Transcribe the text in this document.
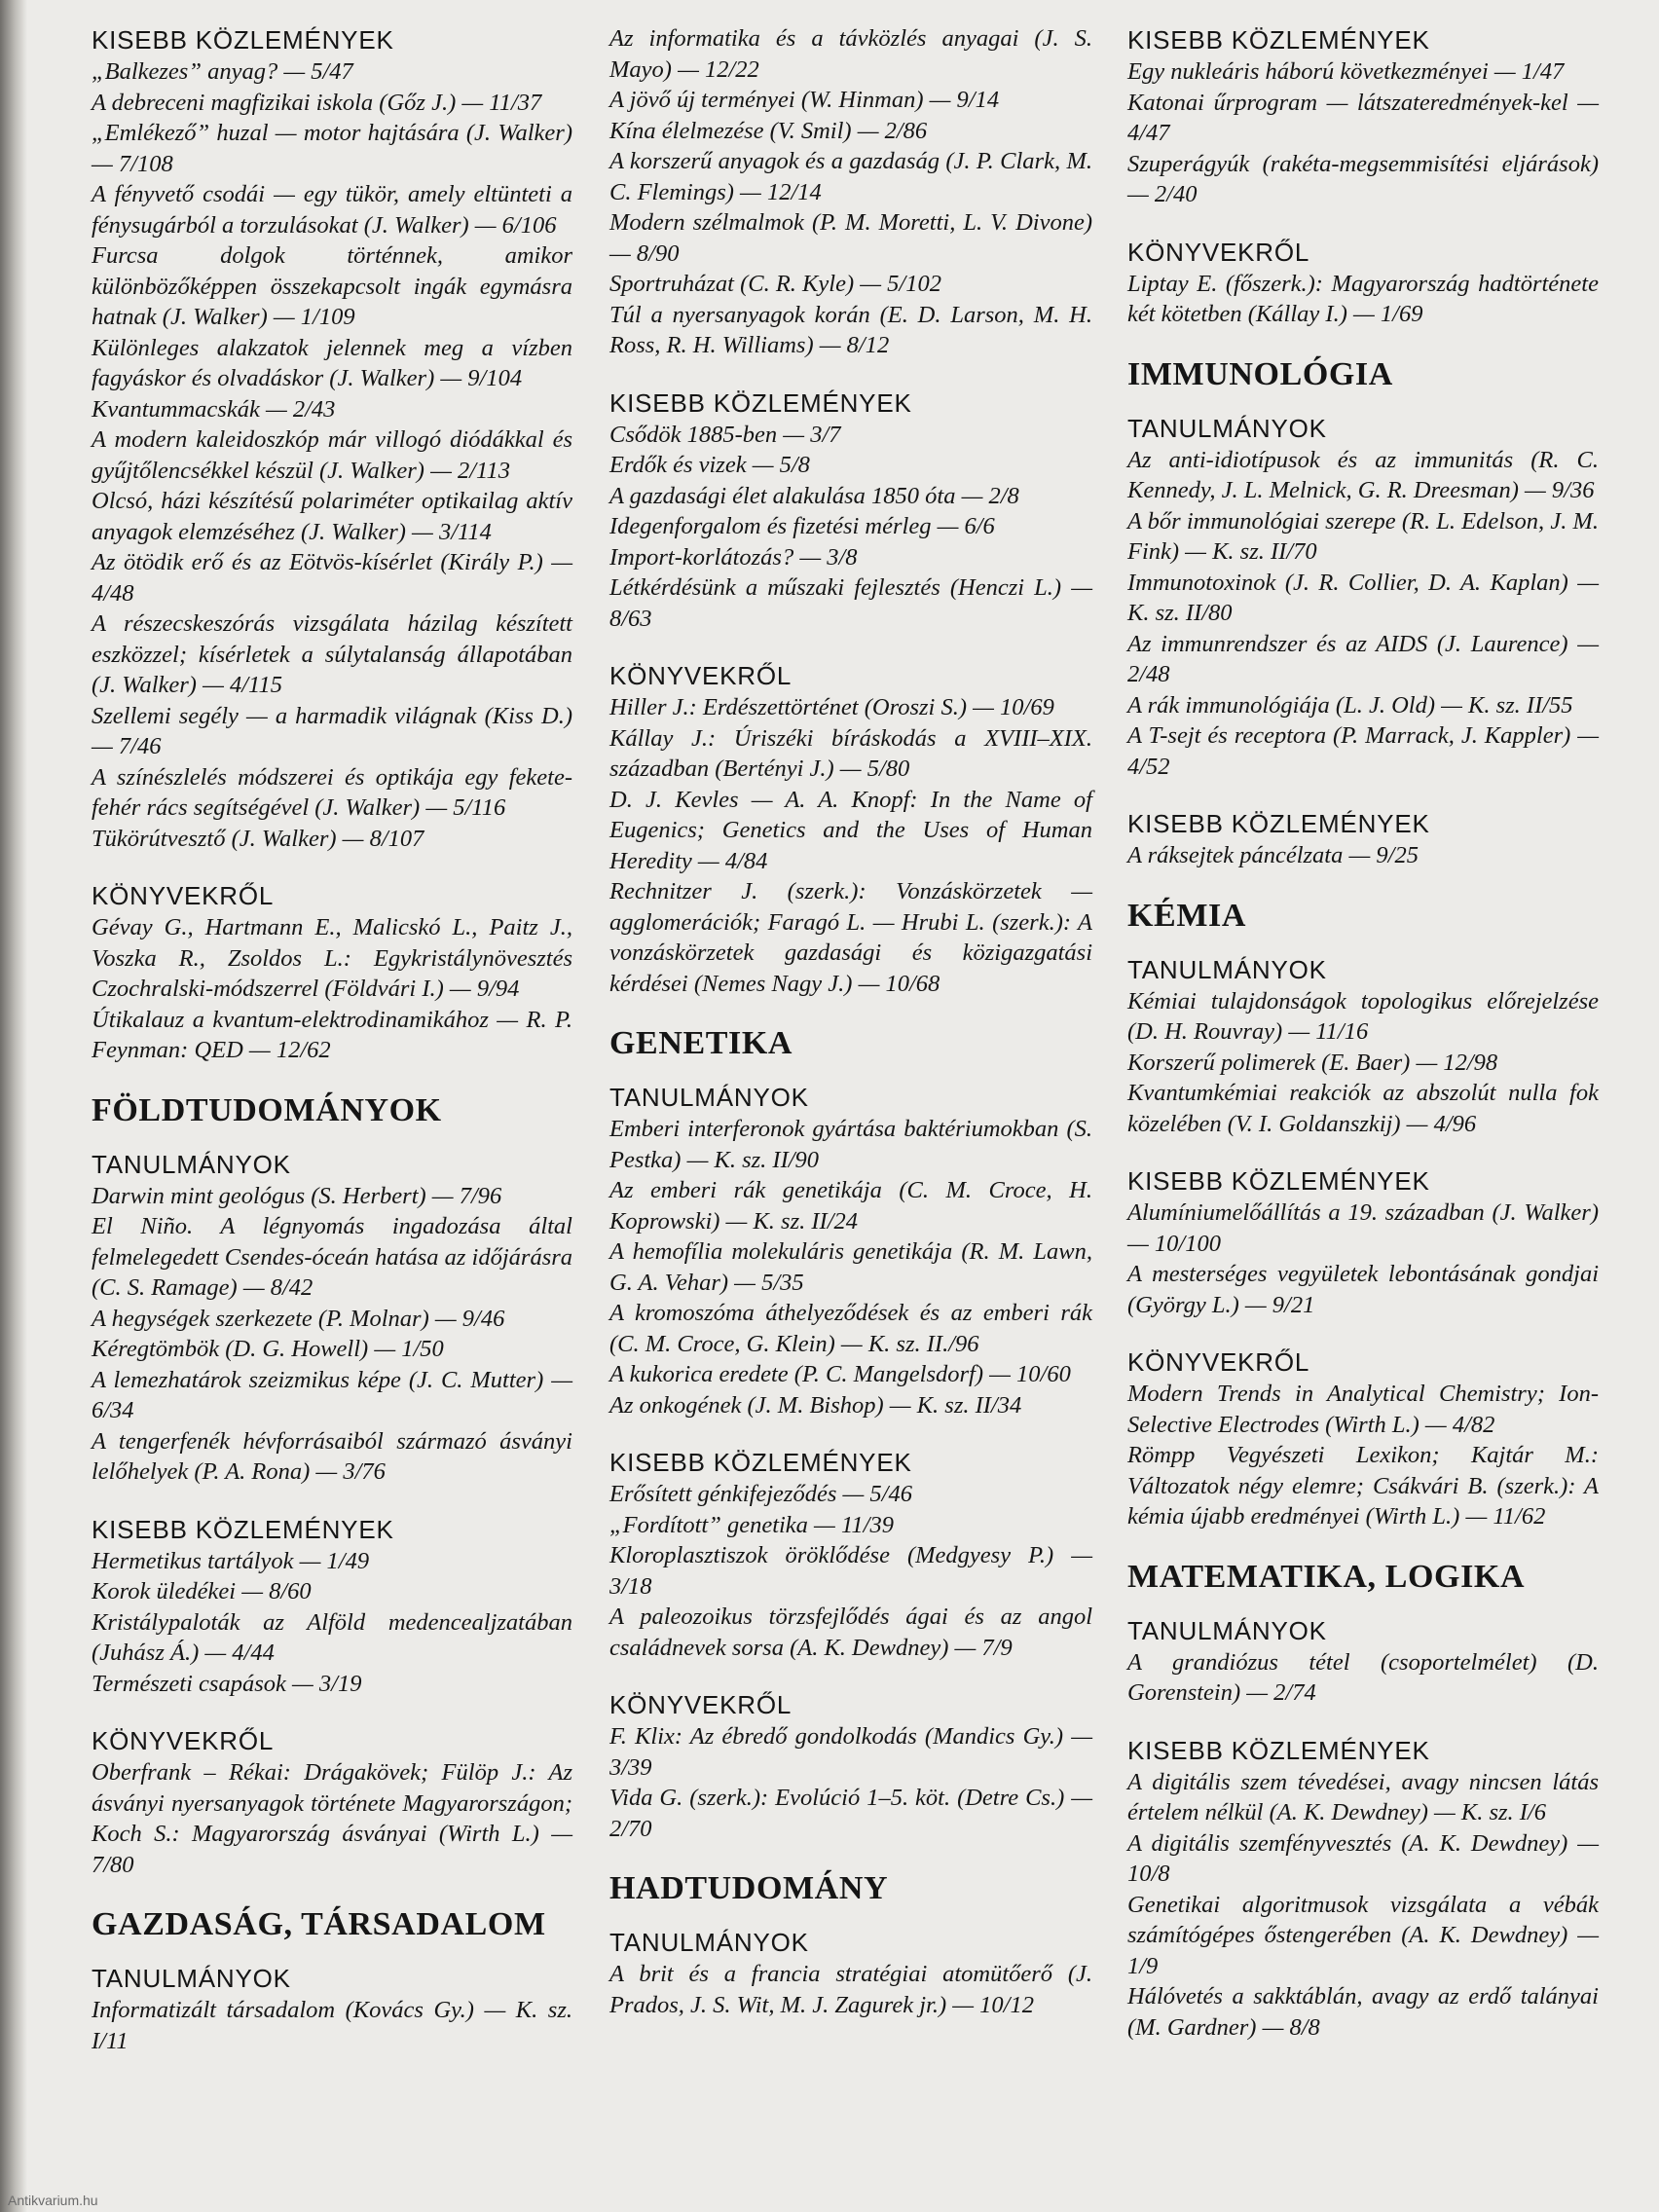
KISEBB KÖZLEMÉNYEK
„Balkezes” anyag? — 5/47
A debreceni magfizikai iskola (Gőz J.) — 11/37
„Emlékező” huzal — motor hajtására (J. Walker) — 7/108
A fényvető csodái — egy tükör, amely eltünteti a fénysugárból a torzulásokat (J. Walker) — 6/106
Furcsa dolgok történnek, amikor különbözőképpen összekapcsolt ingák egymásra hatnak (J. Walker) — 1/109
Különleges alakzatok jelennek meg a vízben fagyáskor és olvadáskor (J. Walker) — 9/104
Kvantummacskák — 2/43
A modern kaleidoszkóp már villogó diódákkal és gyűjtőlencsékkel készül (J. Walker) — 2/113
Olcsó, házi készítésű polariméter optikailag aktív anyagok elemzéséhez (J. Walker) — 3/114
Az ötödik erő és az Eötvös-kísérlet (Király P.) — 4/48
A részecskeszórás vizsgálata házilag készített eszközzel; kísérletek a súlytalanság állapotában (J. Walker) — 4/115
Szellemi segély — a harmadik világnak (Kiss D.) — 7/46
A színészlelés módszerei és optikája egy fekete-fehér rács segítségével (J. Walker) — 5/116
Tükörútvesztő (J. Walker) — 8/107
KÖNYVEKRŐL
Gévay G., Hartmann E., Malicskó L., Paitz J., Voszka R., Zsoldos L.: Egykristálynövesztés Czochralski-módszerrel (Földvári I.) — 9/94
Útikalauz a kvantum-elektrodinamikához — R. P. Feynman: QED — 12/62
FÖLDTUDOMÁNYOK
TANULMÁNYOK
Darwin mint geológus (S. Herbert) — 7/96
El Niño. A légnyomás ingadozása által felmelegedett Csendes-óceán hatása az időjárásra (C. S. Ramage) — 8/42
A hegységek szerkezete (P. Molnar) — 9/46
Kéregtömbök (D. G. Howell) — 1/50
A lemezhatárok szeizmikus képe (J. C. Mutter) — 6/34
A tengerfenék hévforrásaiból származó ásványi lelőhelyek (P. A. Rona) — 3/76
KISEBB KÖZLEMÉNYEK
Hermetikus tartályok — 1/49
Korok üledékei — 8/60
Kristálypaloták az Alföld medencealjzatában (Juhász Á.) — 4/44
Természeti csapások — 3/19
KÖNYVEKRŐL
Oberfrank – Rékai: Drágakövek; Fülöp J.: Az ásványi nyersanyagok története Magyarországon; Koch S.: Magyarország ásványai (Wirth L.) — 7/80
GAZDASÁG, TÁRSADALOM
TANULMÁNYOK
Informatizált társadalom (Kovács Gy.) — K. sz. I/11
Az informatika és a távközlés anyagai (J. S. Mayo) — 12/22
A jövő új terményei (W. Hinman) — 9/14
Kína élelmezése (V. Smil) — 2/86
A korszerű anyagok és a gazdaság (J. P. Clark, M. C. Flemings) — 12/14
Modern szélmalmok (P. M. Moretti, L. V. Divone) — 8/90
Sportruházat (C. R. Kyle) — 5/102
Túl a nyersanyagok korán (E. D. Larson, M. H. Ross, R. H. Williams) — 8/12
KISEBB KÖZLEMÉNYEK
Csődök 1885-ben — 3/7
Erdők és vizek — 5/8
A gazdasági élet alakulása 1850 óta — 2/8
Idegenforgalom és fizetési mérleg — 6/6
Import-korlátozás? — 3/8
Létkérdésünk a műszaki fejlesztés (Henczi L.) — 8/63
KÖNYVEKRŐL
Hiller J.: Erdészettörténet (Oroszi S.) — 10/69
Kállay J.: Úriszéki bíráskodás a XVIII–XIX. században (Bertényi J.) — 5/80
D. J. Kevles — A. A. Knopf: In the Name of Eugenics; Genetics and the Uses of Human Heredity — 4/84
Rechnitzer J. (szerk.): Vonzáskörzetek — agglomerációk; Faragó L. — Hrubi L. (szerk.): A vonzáskörzetek gazdasági és közigazgatási kérdései (Nemes Nagy J.) — 10/68
GENETIKA
TANULMÁNYOK
Emberi interferonok gyártása baktériumokban (S. Pestka) — K. sz. II/90
Az emberi rák genetikája (C. M. Croce, H. Koprowski) — K. sz. II/24
A hemofília molekuláris genetikája (R. M. Lawn, G. A. Vehar) — 5/35
A kromoszóma áthelyeződések és az emberi rák (C. M. Croce, G. Klein) — K. sz. II./96
A kukorica eredete (P. C. Mangelsdorf) — 10/60
Az onkogének (J. M. Bishop) — K. sz. II/34
KISEBB KÖZLEMÉNYEK
Erősített génkifejeződés — 5/46
„Fordított” genetika — 11/39
Kloroplasztiszok öröklődése (Medgyesy P.) — 3/18
A paleozoikus törzsfejlődés ágai és az angol családnevek sorsa (A. K. Dewdney) — 7/9
KÖNYVEKRŐL
F. Klix: Az ébredő gondolkodás (Mandics Gy.) — 3/39
Vida G. (szerk.): Evolúció 1–5. köt. (Detre Cs.) — 2/70
HADTUDOMÁNY
TANULMÁNYOK
A brit és a francia stratégiai atomütőerő (J. Prados, J. S. Wit, M. J. Zagurek jr.) — 10/12
KISEBB KÖZLEMÉNYEK
Egy nukleáris háború következményei — 1/47
Katonai űrprogram — látszateredmények-kel — 4/47
Szuperágyúk (rakéta-megsemmisítési eljárások) — 2/40
KÖNYVEKRŐL
Liptay E. (főszerk.): Magyarország hadtörténete két kötetben (Kállay I.) — 1/69
IMMUNOLÓGIA
TANULMÁNYOK
Az anti-idiotípusok és az immunitás (R. C. Kennedy, J. L. Melnick, G. R. Dreesman) — 9/36
A bőr immunológiai szerepe (R. L. Edelson, J. M. Fink) — K. sz. II/70
Immunotoxinok (J. R. Collier, D. A. Kaplan) — K. sz. II/80
Az immunrendszer és az AIDS (J. Laurence) — 2/48
A rák immunológiája (L. J. Old) — K. sz. II/55
A T-sejt és receptora (P. Marrack, J. Kappler) — 4/52
KISEBB KÖZLEMÉNYEK
A ráksejtek páncélzata — 9/25
KÉMIA
TANULMÁNYOK
Kémiai tulajdonságok topologikus előrejelzése (D. H. Rouvray) — 11/16
Korszerű polimerek (E. Baer) — 12/98
Kvantumkémiai reakciók az abszolút nulla fok közelében (V. I. Goldanszkij) — 4/96
KISEBB KÖZLEMÉNYEK
Alumíniumelőállítás a 19. században (J. Walker) — 10/100
A mesterséges vegyületek lebontásának gondjai (György L.) — 9/21
KÖNYVEKRŐL
Modern Trends in Analytical Chemistry; Ion-Selective Electrodes (Wirth L.) — 4/82
Römpp Vegyészeti Lexikon; Kajtár M.: Változatok négy elemre; Csákvári B. (szerk.): A kémia újabb eredményei (Wirth L.) — 11/62
MATEMATIKA, LOGIKA
TANULMÁNYOK
A grandiózus tétel (csoportelmélet) (D. Gorenstein) — 2/74
KISEBB KÖZLEMÉNYEK
A digitális szem tévedései, avagy nincsen látás értelem nélkül (A. K. Dewdney) — K. sz. I/6
A digitális szemfényvesztés (A. K. Dewdney) — 10/8
Genetikai algoritmusok vizsgálata a vébák számítógépes őstengerében (A. K. Dewdney) — 1/9
Hálóvetés a sakktáblán, avagy az erdő talányai (M. Gardner) — 8/8
Antikvarium.hu
